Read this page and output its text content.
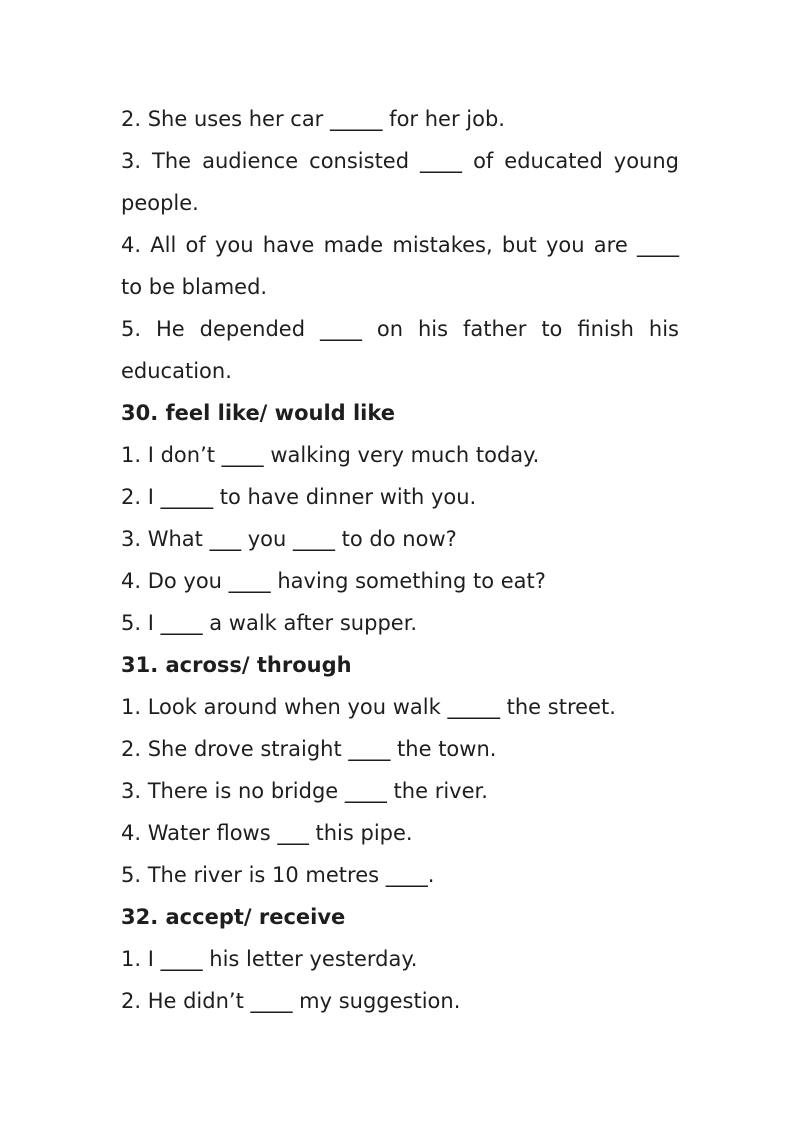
2. She uses her car _____ for her job.
3. The audience consisted ____ of educated young people.
4. All of you have made mistakes, but you are ____ to be blamed.
5. He depended ____ on his father to finish his education.
30. feel like/ would like
1. I don’t ____ walking very much today.
2. I _____ to have dinner with you.
3. What ___ you ____ to do now?
4. Do you ____ having something to eat?
5. I ____ a walk after supper.
31. across/ through
1. Look around when you walk _____ the street.
2. She drove straight ____ the town.
3. There is no bridge ____ the river.
4. Water flows ___ this pipe.
5. The river is 10 metres ____.
32. accept/ receive
1. I ____ his letter yesterday.
2. He didn’t ____ my suggestion.
